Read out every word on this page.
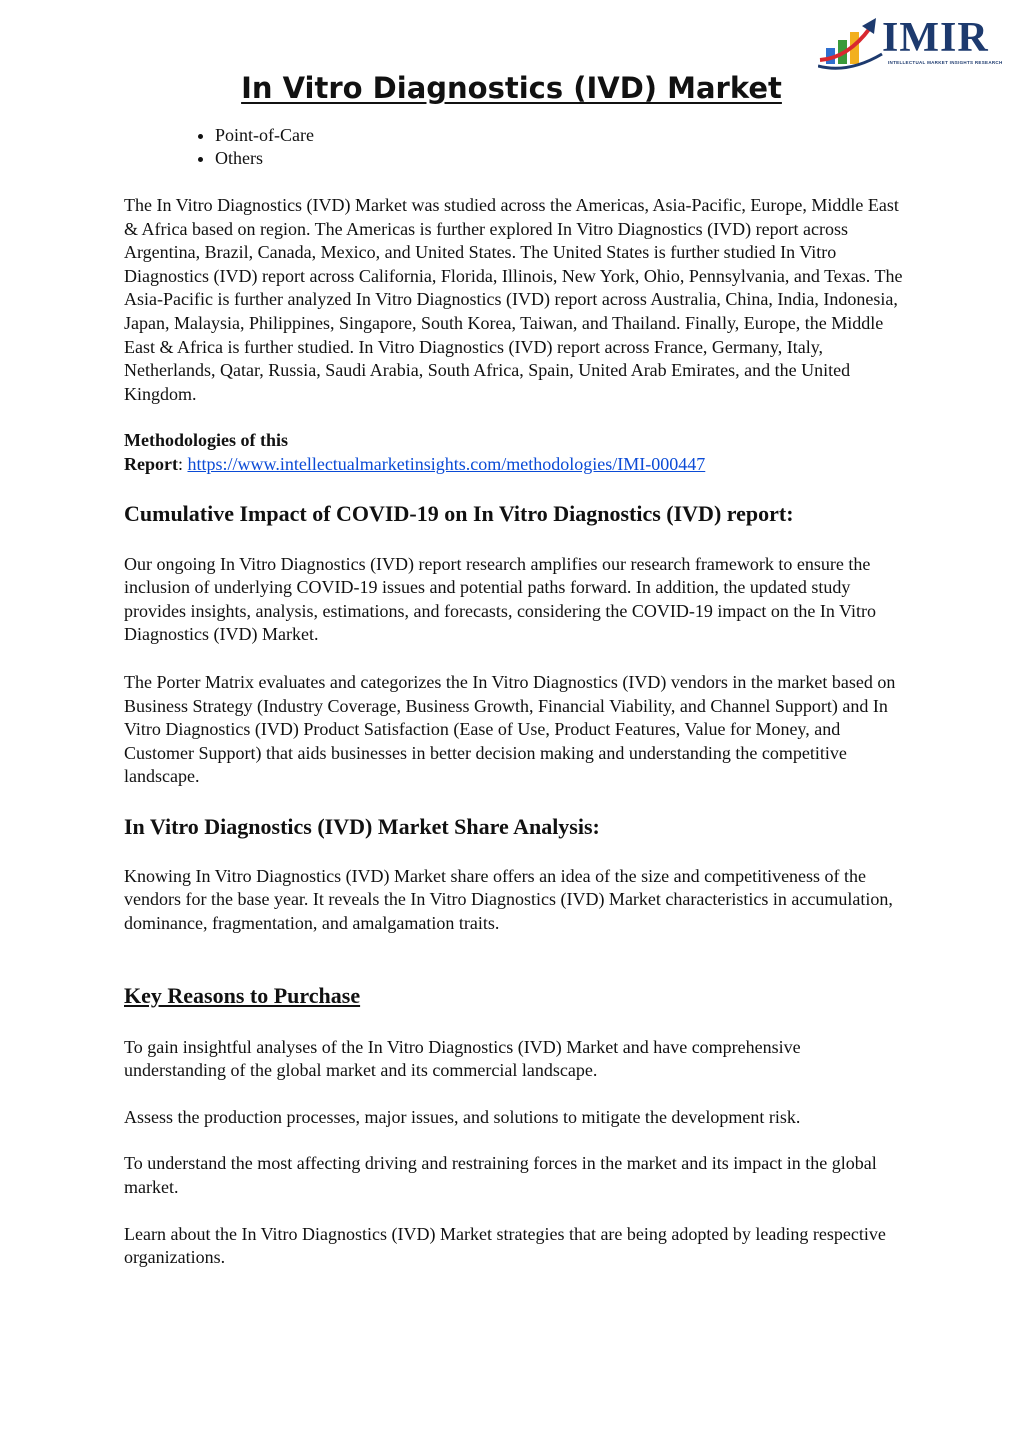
IMIR
INTELLECTUAL MARKET INSIGHTS RESEARCH
In Vitro Diagnostics (IVD) Market
• Point-of-Care
• Others

The In Vitro Diagnostics (IVD) Market was studied across the Americas, Asia-Pacific, Europe, Middle East & Africa based on region. The Americas is further explored In Vitro Diagnostics (IVD) report across Argentina, Brazil, Canada, Mexico, and United States. The United States is further studied In Vitro Diagnostics (IVD) report across California, Florida, Illinois, New York, Ohio, Pennsylvania, and Texas. The Asia-Pacific is further analyzed In Vitro Diagnostics (IVD) report across Australia, China, India, Indonesia, Japan, Malaysia, Philippines, Singapore, South Korea, Taiwan, and Thailand. Finally, Europe, the Middle East & Africa is further studied. In Vitro Diagnostics (IVD) report across France, Germany, Italy, Netherlands, Qatar, Russia, Saudi Arabia, South Africa, Spain, United Arab Emirates, and the United Kingdom.

Methodologies of this
Report: https://www.intellectualmarketinsights.com/methodologies/IMI-000447

Cumulative Impact of COVID-19 on In Vitro Diagnostics (IVD) report:

Our ongoing In Vitro Diagnostics (IVD) report research amplifies our research framework to ensure the inclusion of underlying COVID-19 issues and potential paths forward. In addition, the updated study provides insights, analysis, estimations, and forecasts, considering the COVID-19 impact on the In Vitro Diagnostics (IVD) Market.

The Porter Matrix evaluates and categorizes the In Vitro Diagnostics (IVD) vendors in the market based on Business Strategy (Industry Coverage, Business Growth, Financial Viability, and Channel Support) and In Vitro Diagnostics (IVD) Product Satisfaction (Ease of Use, Product Features, Value for Money, and Customer Support) that aids businesses in better decision making and understanding the competitive landscape.

In Vitro Diagnostics (IVD) Market Share Analysis:

Knowing In Vitro Diagnostics (IVD) Market share offers an idea of the size and competitiveness of the vendors for the base year. It reveals the In Vitro Diagnostics (IVD) Market characteristics in accumulation, dominance, fragmentation, and amalgamation traits.

Key Reasons to Purchase

To gain insightful analyses of the In Vitro Diagnostics (IVD) Market and have comprehensive understanding of the global market and its commercial landscape.

Assess the production processes, major issues, and solutions to mitigate the development risk.

To understand the most affecting driving and restraining forces in the market and its impact in the global market.

Learn about the In Vitro Diagnostics (IVD) Market strategies that are being adopted by leading respective organizations.
